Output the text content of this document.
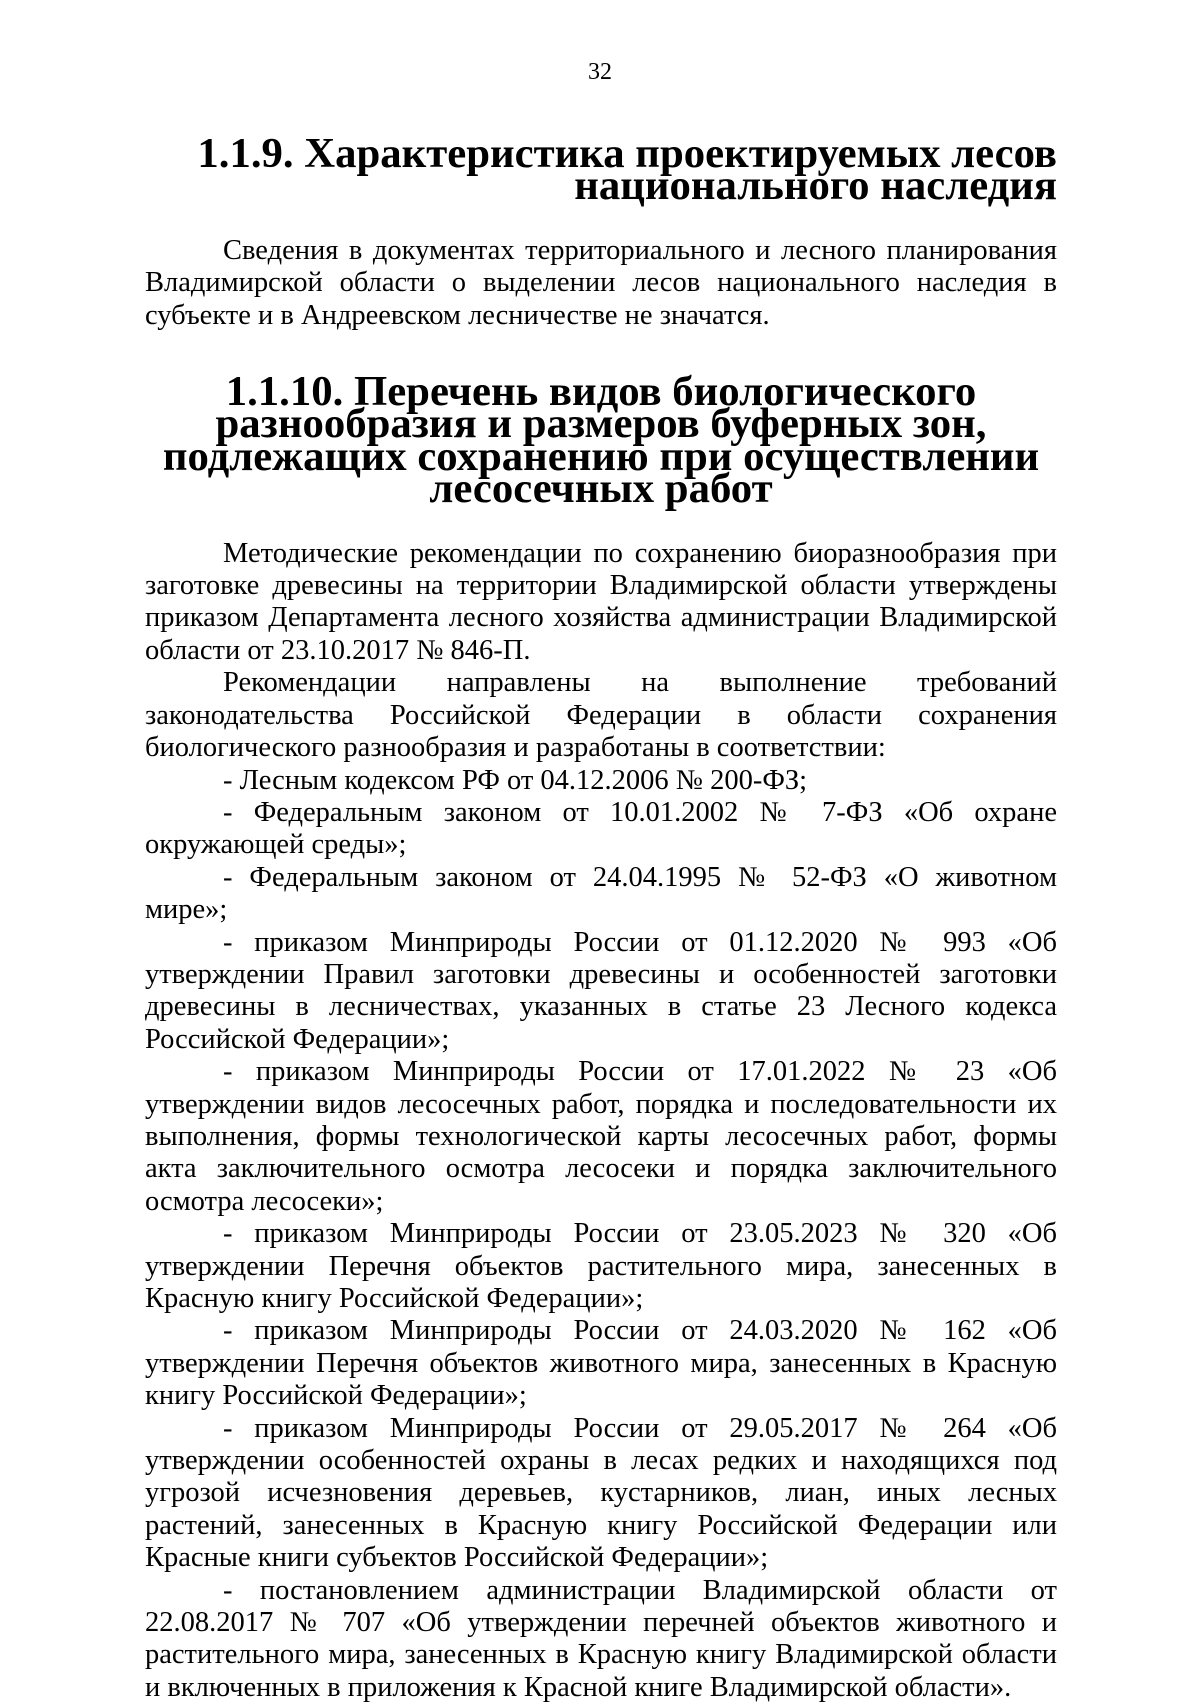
32
1.1.9. Характеристика проектируемых лесов национального наследия

Сведения в документах территориального и лесного планирования Владимирской области о выделении лесов национального наследия в субъекте и в Андреевском лесничестве не значатся.

1.1.10. Перечень видов биологического разнообразия и размеров буферных зон, подлежащих сохранению при осуществлении лесосечных работ

Методические рекомендации по сохранению биоразнообразия при заготовке древесины на территории Владимирской области утверждены приказом Департамента лесного хозяйства администрации Владимирской области от 23.10.2017 № 846-П.

Рекомендации направлены на выполнение требований законодательства Российской Федерации в области сохранения биологического разнообразия и разработаны в соответствии:

- Лесным кодексом РФ от 04.12.2006 № 200-ФЗ;

- Федеральным законом от 10.01.2002 № 7-ФЗ «Об охране окружающей среды»;

- Федеральным законом от 24.04.1995 № 52-ФЗ «О животном мире»;

- приказом Минприроды России от 01.12.2020 № 993 «Об утверждении Правил заготовки древесины и особенностей заготовки древесины в лесничествах, указанных в статье 23 Лесного кодекса Российской Федерации»;

- приказом Минприроды России от 17.01.2022 № 23 «Об утверждении видов лесосечных работ, порядка и последовательности их выполнения, формы технологической карты лесосечных работ, формы акта заключительного осмотра лесосеки и порядка заключительного осмотра лесосеки»;

- приказом Минприроды России от 23.05.2023 № 320 «Об утверждении Перечня объектов растительного мира, занесенных в Красную книгу Российской Федерации»;

- приказом Минприроды России от 24.03.2020 № 162 «Об утверждении Перечня объектов животного мира, занесенных в Красную книгу Российской Федерации»;

- приказом Минприроды России от 29.05.2017 № 264 «Об утверждении особенностей охраны в лесах редких и находящихся под угрозой исчезновения деревьев, кустарников, лиан, иных лесных растений, занесенных в Красную книгу Российской Федерации или Красные книги субъектов Российской Федерации»;

- постановлением администрации Владимирской области от 22.08.2017 № 707 «Об утверждении перечней объектов животного и растительного мира, занесенных в Красную книгу Владимирской области и включенных в приложения к Красной книге Владимирской области».
